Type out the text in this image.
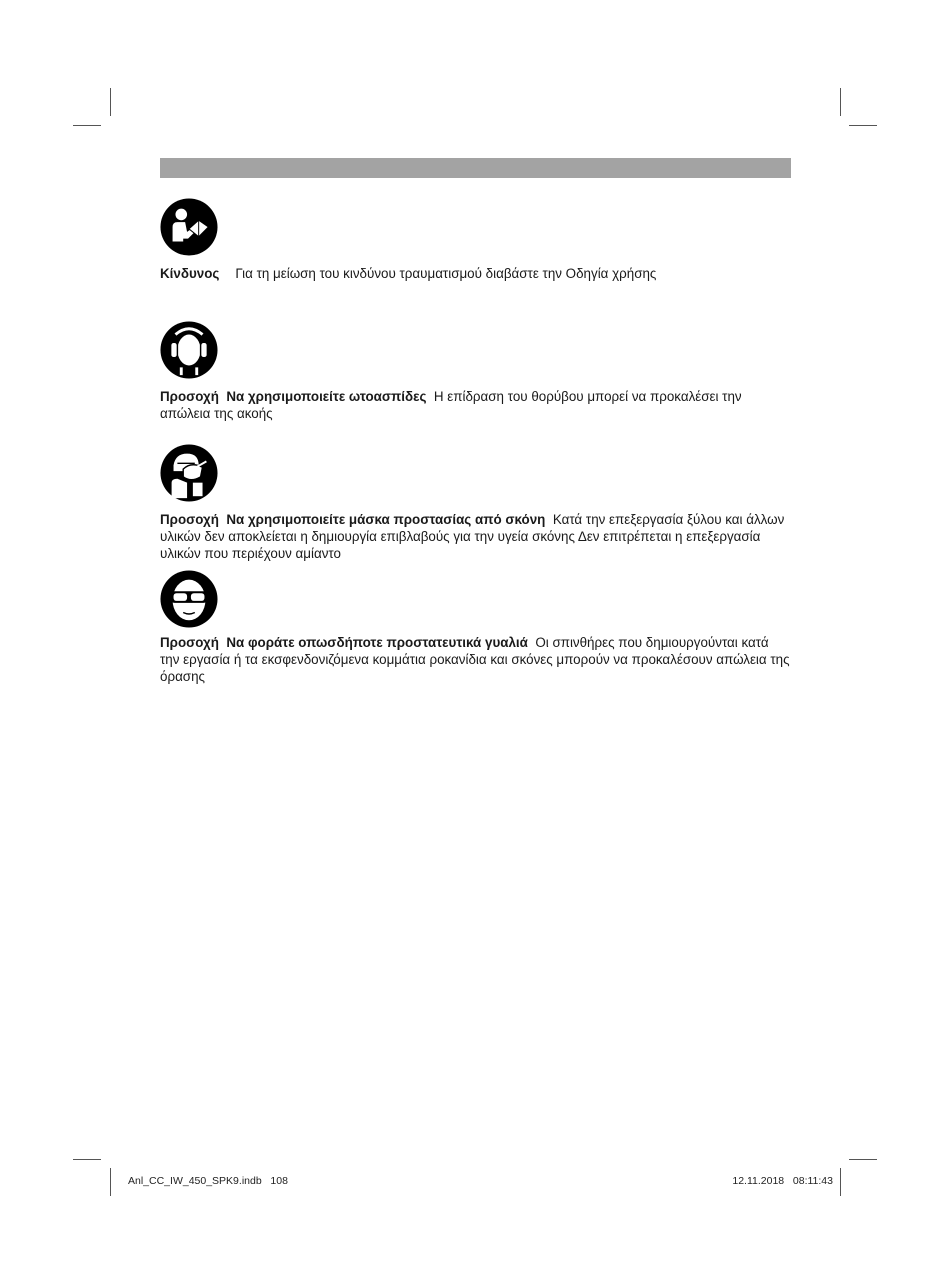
Κίνδυνος Για τη μείωση του κινδύνου τραυματισμού διαβάστε την Οδηγία χρήσης

Προσοχή Να χρησιμοποιείτε ωτοασπίδες Η επίδραση του θορύβου μπορεί να προκαλέσει την απώλεια της ακοής

Προσοχή Να χρησιμοποιείτε μάσκα προστασίας από σκόνη Κατά την επεξεργασία ξύλου και άλλων υλικών δεν αποκλείεται η δημιουργία επιβλαβούς για την υγεία σκόνης Δεν επιτρέπεται η επεξεργασία υλικών που περιέχουν αμίαντο

Προσοχή Να φοράτε οπωσδήποτε προστατευτικά γυαλιά Οι σπινθήρες που δημιουργούνται κατά την εργασία ή τα εκσφενδονιζόμενα κομμάτια ροκανίδια και σκόνες μπορούν να προκαλέσουν απώλεια της όρασης

Anl_CC_IW_450_SPK9.indb   108	12.11.2018   08:11:43
